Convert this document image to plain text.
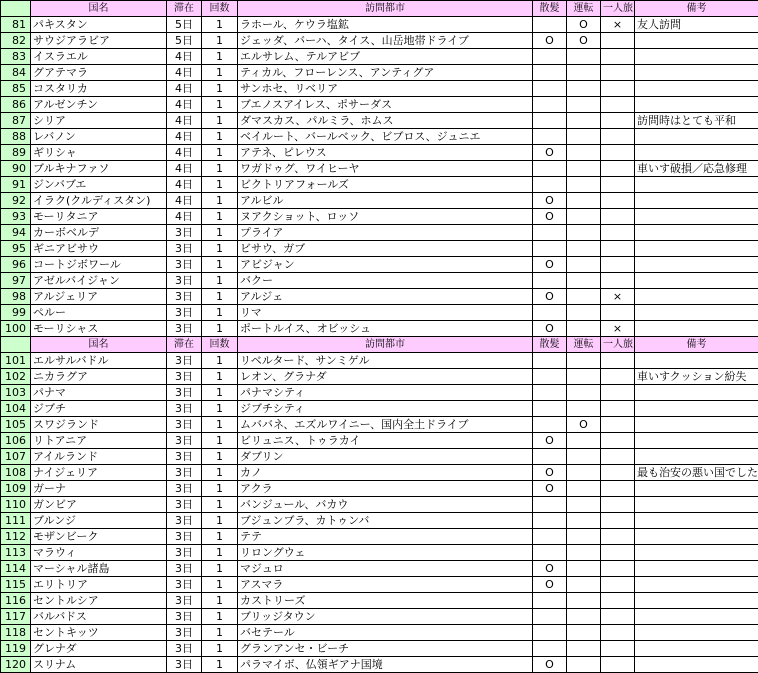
	国名	滞在	回数	訪問都市	散髪	運転	一人旅	備考
81	パキスタン	5日	1	ラホール、ケウラ塩鉱		O	×	友人訪問
82	サウジアラビア	5日	1	ジェッダ、バーハ、タイス、山岳地帯ドライブ	O	O		
83	イスラエル	4日	1	エルサレム、テルアビブ				
84	グアテマラ	4日	1	ティカル、フローレンス、アンティグア				
85	コスタリカ	4日	1	サンホセ、リベリア				
86	アルゼンチン	4日	1	ブエノスアイレス、ポサーダス				
87	シリア	4日	1	ダマスカス、パルミラ、ホムス				訪問時はとても平和
88	レバノン	4日	1	ベイルート、バールベック、ビブロス、ジュニエ				
89	ギリシャ	4日	1	アテネ、ピレウス	O			
90	ブルキナファソ	4日	1	ワガドゥグ、ワイヒーヤ				車いす破損／応急修理
91	ジンバブエ	4日	1	ビクトリアフォールズ				
92	イラク(クルディスタン)	4日	1	アルビル	O			
93	モーリタニア	4日	1	ヌアクショット、ロッソ	O			
94	カーボベルデ	3日	1	プライア				
95	ギニアビサウ	3日	1	ビサウ、ガブ				
96	コートジボワール	3日	1	アビジャン	O			
97	アゼルバイジャン	3日	1	バクー				
98	アルジェリア	3日	1	アルジェ	O		×	
99	ペルー	3日	1	リマ				
100	モーリシャス	3日	1	ポートルイス、オビッシュ	O		×	
	国名	滞在	回数	訪問都市	散髪	運転	一人旅	備考
101	エルサルバドル	3日	1	リベルタード、サンミゲル				
102	ニカラグア	3日	1	レオン、グラナダ				車いすクッション紛失
103	パナマ	3日	1	パナマシティ				
104	ジブチ	3日	1	ジブチシティ				
105	スワジランド	3日	1	ムババネ、エズルワイニー、国内全土ドライブ		O		
106	リトアニア	3日	1	ビリュニス、トゥラカイ	O			
107	アイルランド	3日	1	ダブリン				
108	ナイジェリア	3日	1	カノ	O			最も治安の悪い国でした
109	ガーナ	3日	1	アクラ	O			
110	ガンビア	3日	1	バンジュール、バカウ				
111	ブルンジ	3日	1	ブジュンブラ、カトゥンバ				
112	モザンビーク	3日	1	テテ				
113	マラウィ	3日	1	リロングウェ				
114	マーシャル諸島	3日	1	マジュロ	O			
115	エリトリア	3日	1	アスマラ	O			
116	セントルシア	3日	1	カストリーズ				
117	バルバドス	3日	1	ブリッジタウン				
118	セントキッツ	3日	1	バセテール				
119	グレナダ	3日	1	グランアンセ・ビーチ				
120	スリナム	3日	1	パラマイボ、仏領ギアナ国境	O			
